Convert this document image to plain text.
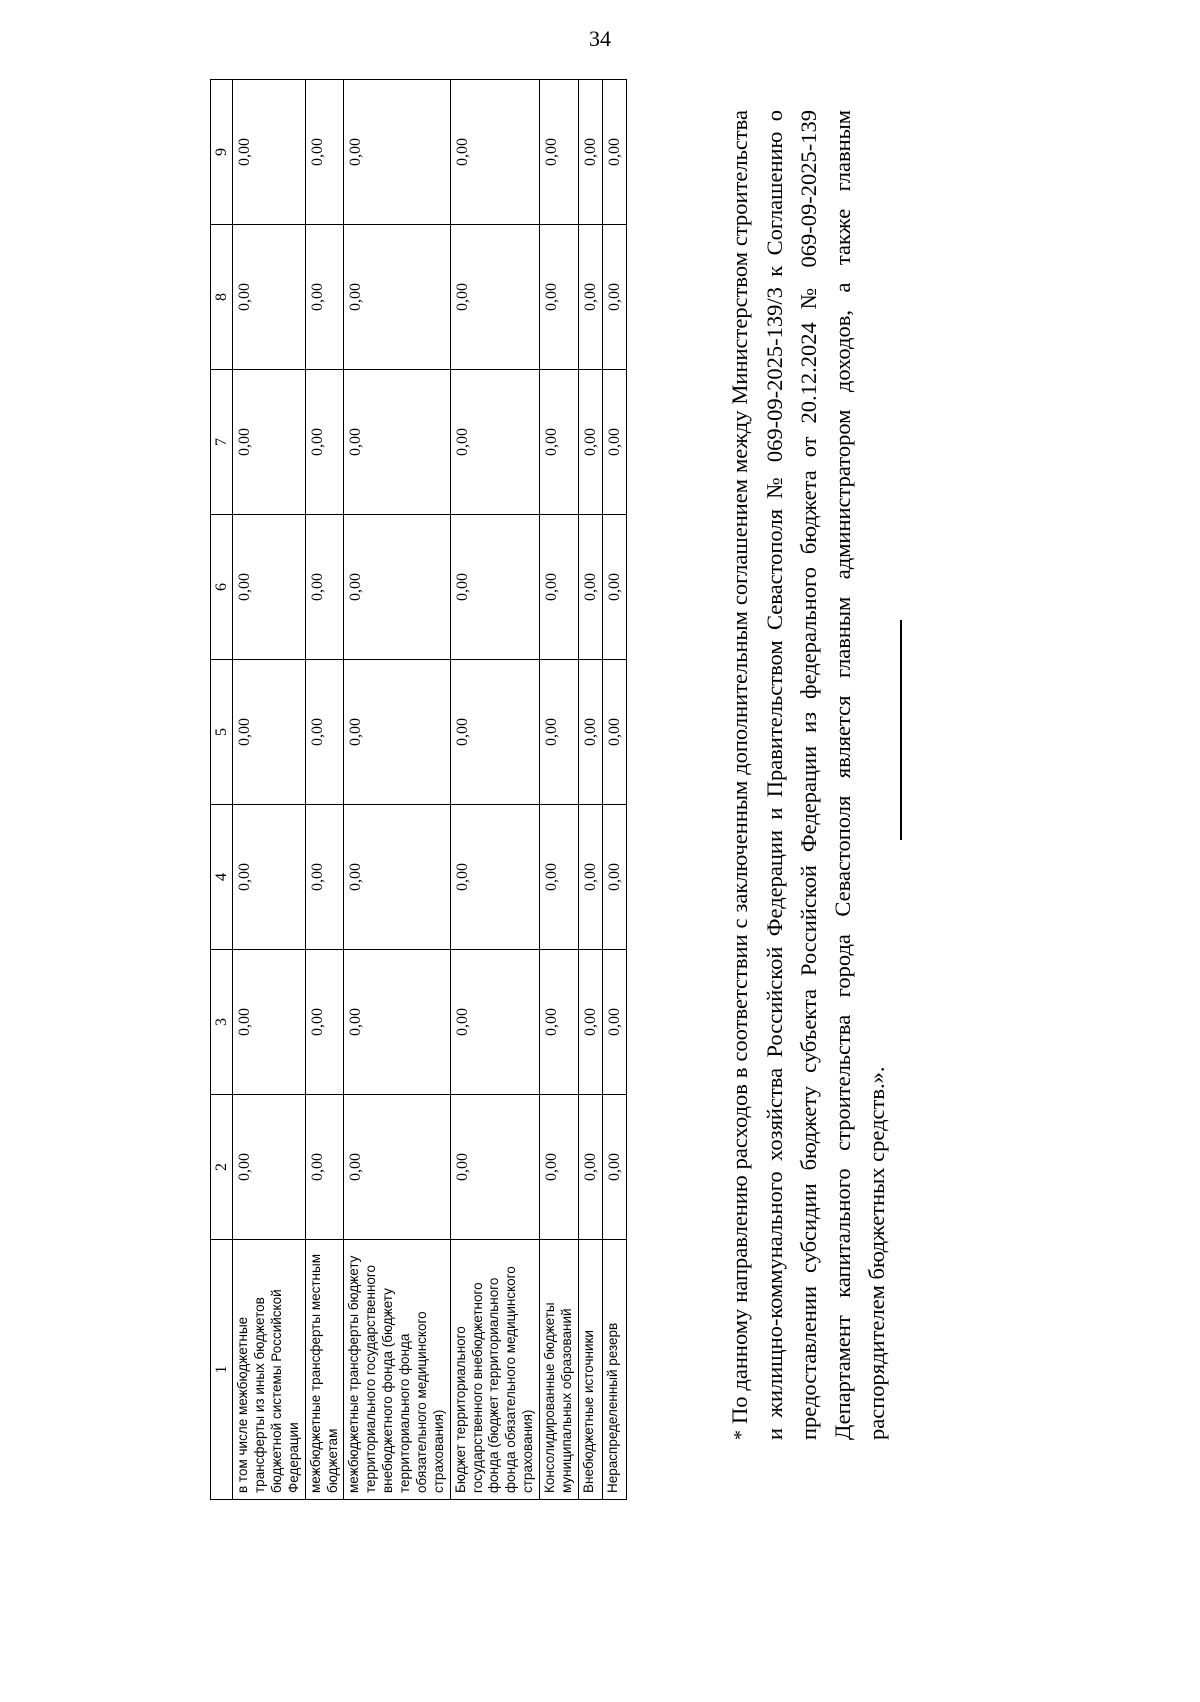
34
1	2	3	4	5	6	7	8	9
в том числе межбюджетные трансферты из иных бюджетов бюджетной системы Российской Федерации	0,00	0,00	0,00	0,00	0,00	0,00	0,00	0,00
межбюджетные трансферты местным бюджетам	0,00	0,00	0,00	0,00	0,00	0,00	0,00	0,00
межбюджетные трансферты бюджету территориального государственного внебюджетного фонда (бюджету территориального фонда обязательного медицинского страхования)	0,00	0,00	0,00	0,00	0,00	0,00	0,00	0,00
Бюджет территориального государственного внебюджетного фонда (бюджет территориального фонда обязательного медицинского страхования)	0,00	0,00	0,00	0,00	0,00	0,00	0,00	0,00
Консолидированные бюджеты муниципальных образований	0,00	0,00	0,00	0,00	0,00	0,00	0,00	0,00
Внебюджетные источники	0,00	0,00	0,00	0,00	0,00	0,00	0,00	0,00
Нераспределенный резерв	0,00	0,00	0,00	0,00	0,00	0,00	0,00	0,00

* По данному направлению расходов в соответствии с заключенным дополнительным соглашением между Министерством строительства и жилищно-коммунального хозяйства Российской Федерации и Правительством Севастополя № 069-09-2025-139/3 к Соглашению о предоставлении субсидии бюджету субъекта Российской Федерации из федерального бюджета от 20.12.2024 № 069-09-2025-139 Департамент капитального строительства города Севастополя является главным администратором доходов, а также главным распорядителем бюджетных средств.».
